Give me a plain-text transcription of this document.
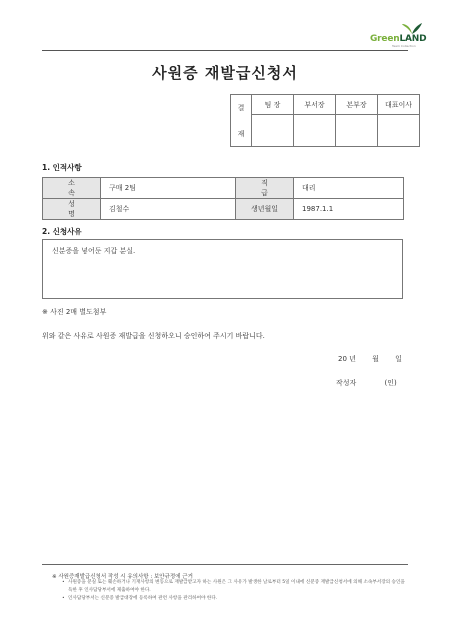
GreenLAND
Team Collection
사원증 재발급신청서
결

재	팀 장	부서장	본부장	대표이사

1. 인적사항
소 속	구매 2팀	직 급	대리
성 명	김철수	생년월일	1987.1.1
2. 신청사유
신분증을 넣어둔 지갑 분실.
※ 사진 2매 별도첨부
위와 같은 사유로 사원증 재발급을 신청하오니 승인하여 주시기 바랍니다.
20 년 월 일
작성자	(인)
※ 사원증재발급신청서 작성 시 유의사항 : 보안규정에 근거
• 사원증을 분실 또는 훼손하거나 기재사항의 변동으로 재발급받고자 하는 사원은 그 사유가 발생한 날로부터 5일 이내에 신분증 재발급신청서에 의해 소속부서장의 승인을 득한 후 인사담당부서에 제출하여야 한다.
• 인사담당부서는 신분증 발급대장에 등록하여 관련 사항을 관리하여야 한다.
